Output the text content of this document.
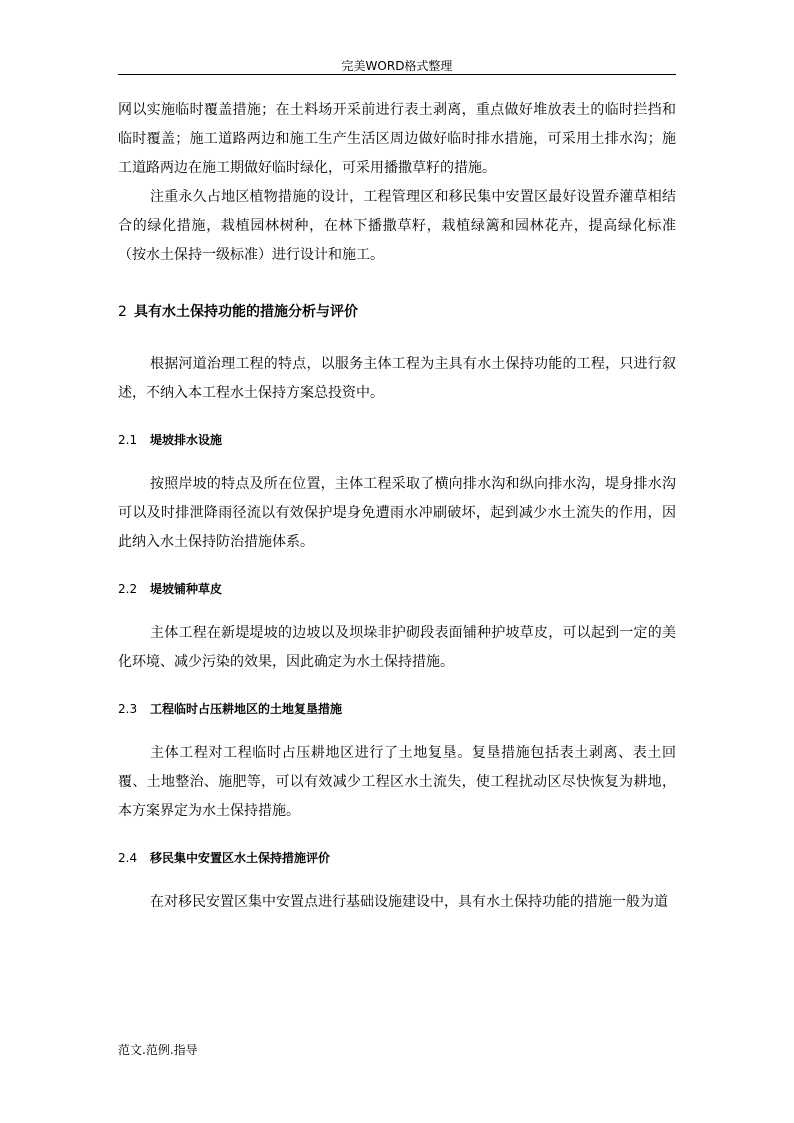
完美WORD格式整理

网以实施临时覆盖措施；在土料场开采前进行表土剥离，重点做好堆放表土的临时拦挡和临时覆盖；施工道路两边和施工生产生活区周边做好临时排水措施，可采用土排水沟；施工道路两边在施工期做好临时绿化，可采用播撒草籽的措施。

注重永久占地区植物措施的设计，工程管理区和移民集中安置区最好设置乔灌草相结合的绿化措施，栽植园林树种，在林下播撒草籽，栽植绿篱和园林花卉，提高绿化标准（按水土保持一级标准）进行设计和施工。

2 具有水土保持功能的措施分析与评价

根据河道治理工程的特点，以服务主体工程为主具有水土保持功能的工程，只进行叙述，不纳入本工程水土保持方案总投资中。

2.1 堤坡排水设施

按照岸坡的特点及所在位置，主体工程采取了横向排水沟和纵向排水沟，堤身排水沟可以及时排泄降雨径流以有效保护堤身免遭雨水冲刷破坏，起到减少水土流失的作用，因此纳入水土保持防治措施体系。

2.2 堤坡铺种草皮

主体工程在新堤堤坡的边坡以及坝垛非护砌段表面铺种护坡草皮，可以起到一定的美化环境、减少污染的效果，因此确定为水土保持措施。

2.3 工程临时占压耕地区的土地复垦措施

主体工程对工程临时占压耕地区进行了土地复垦。复垦措施包括表土剥离、表土回覆、土地整治、施肥等，可以有效减少工程区水土流失，使工程扰动区尽快恢复为耕地，本方案界定为水土保持措施。

2.4 移民集中安置区水土保持措施评价

在对移民安置区集中安置点进行基础设施建设中，具有水土保持功能的措施一般为道

范文.范例.指导
